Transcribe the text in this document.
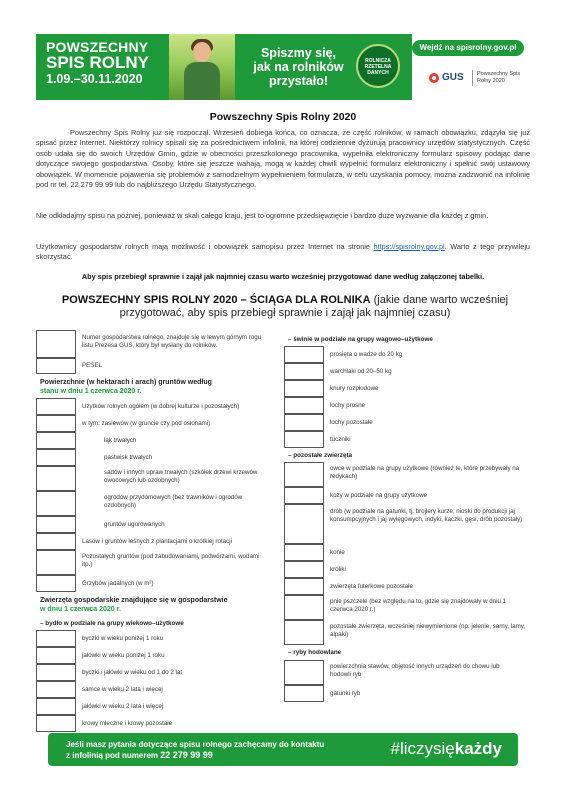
POWSZECHNY
SPIS ROLNY
1.09.–30.11.2020
Spiszmy się,
jak na rolników
przystało!
ROLNICZA RZETELNA DANYCH
Wejdź na spisrolny.gov.pl
GUS Powszechny Spis Rolny 2020
Powszechny Spis Rolny 2020
Powszechny Spis Rolny już się rozpoczął. Wrzesień dobiega końca, co oznacza, że część rolników, w ramach obowiązku, zdążyła się już spisać przez Internet. Niektórzy rolnicy spisali się za pośrednictwem infolinii, na której codziennie dyżurują pracownicy urzędów statystycznych. Część osób udała się do swoich Urzędów Gmin, gdzie w obecności przeszkolonego pracownika, wypełniła elektroniczny formularz spisowy podając dane dotyczące swojego gospodarstwa. Osoby, które się jeszcze wahają, mogą w każdej chwili wypełnić formularz elektroniczny i spełnić swój ustawowy obowiązek. W momencie pojawienia się problemów z samodzielnym wypełnieniem formularza, w celu uzyskania pomocy, można zadzwonić na infolinię pod nr tel. 22 279 99 99 lub do najbliższego Urzędu Statystycznego.
Nie odkładajmy spisu na później, ponieważ w skali całego kraju, jest to ogromne przedsięwzięcie i bardzo duże wyzwanie dla każdej z gmin.
Użytkownicy gospodarstw rolnych mają możliwość i obowiązek samopisu przez Internet na stronie https://spisrolny.gov.pl. Warto z tego przywileju skorzystać.
Aby spis przebiegł sprawnie i zajął jak najmniej czasu warto wcześniej przygotować dane według załączonej tabelki.
POWSZECHNY SPIS ROLNY 2020 – ŚCIĄGA DLA ROLNIKA (jakie dane warto wcześniej przygotować, aby spis przebiegł sprawnie i zajął jak najmniej czasu)
Numer gospodarstwa rolnego, znajduje się w lewym górnym rogu listu Prezesa GUS, który był wysłany do rolników.
PESEL
Powierzchnie (w hektarach i arach) gruntów według
stanu w dniu 1 czerwca 2020 r.
Użytków rolnych ogółem (w dobrej kulturze i pozostałych)
w tym: zasiewów (w gruncie czy pod osłonami)
łąk trwałych
pastwisk trwałych
sadów i innych upraw trwałych (szkółek drzewi krzewów owocowych lub ozdobnych)
ogrodów przydomowych (bez trawników i ogrodów ozdobnych)
gruntów ugorowanych
Lasów i gruntów leśnych z plantacjami o krótkiej rotacji
Pozostałych gruntów (pod zabudowaniami, podwórzami, wodami itp.)
Grzybów jadalnych (w m²)
Zwierzęta gospodarskie znajdujące się w gospodarstwie
w dniu 1 czerwca 2020 r.
– bydło w podziale na grupy wiekowo–użytkowe
byczki w wieku poniżej 1 roku
jałówki w wieku poniżej 1 roku
byczki i jałówki w wieku od 1 do 2 lat
samce w wieku 2 lata i więcej
jałówki w wieku 2 lata i więcej
krowy mleczne i krowy pozostałe
– świnie w podziale na grupy wagowo–użytkowe
prosięta o wadze do 20 kg
warchlaki od 20–50 kg
knury rozpłodowe
lochy prośne
lochy pozostałe
tuczniki
– pozostałe zwierzęta
owce w podziale na grupy użytkowe (również te, które przebywały na redykach)
kozy w podziale na grupy użytkowe
drób (w podziale na gatunki, tj. brojlery kurze, nioski do produkcji jaj konsumpcyjnych i jaj wylęgowych, indyki, kaczki, gęsi, drób pozostały)
konie
króliki
zwierzęta futerkowe pozostałe
pnie pszczele (bez względu na to, gdzie się znajdowały w dniu 1 czerwca 2020 r.)
pozostałe zwierzęta, wcześniej niewymienione (np. jelenie, sarny, lamy, alpaki)
– ryby hodowlane
powierzchnia stawów, objętość innych urządzeń do chowu lub hodowli ryb
gatunki ryb
Jeśli masz pytania dotyczące spisu rolnego zachęcamy do kontaktu
z infolinią pod numerem 22 279 99 99	#liczysiękażdy
